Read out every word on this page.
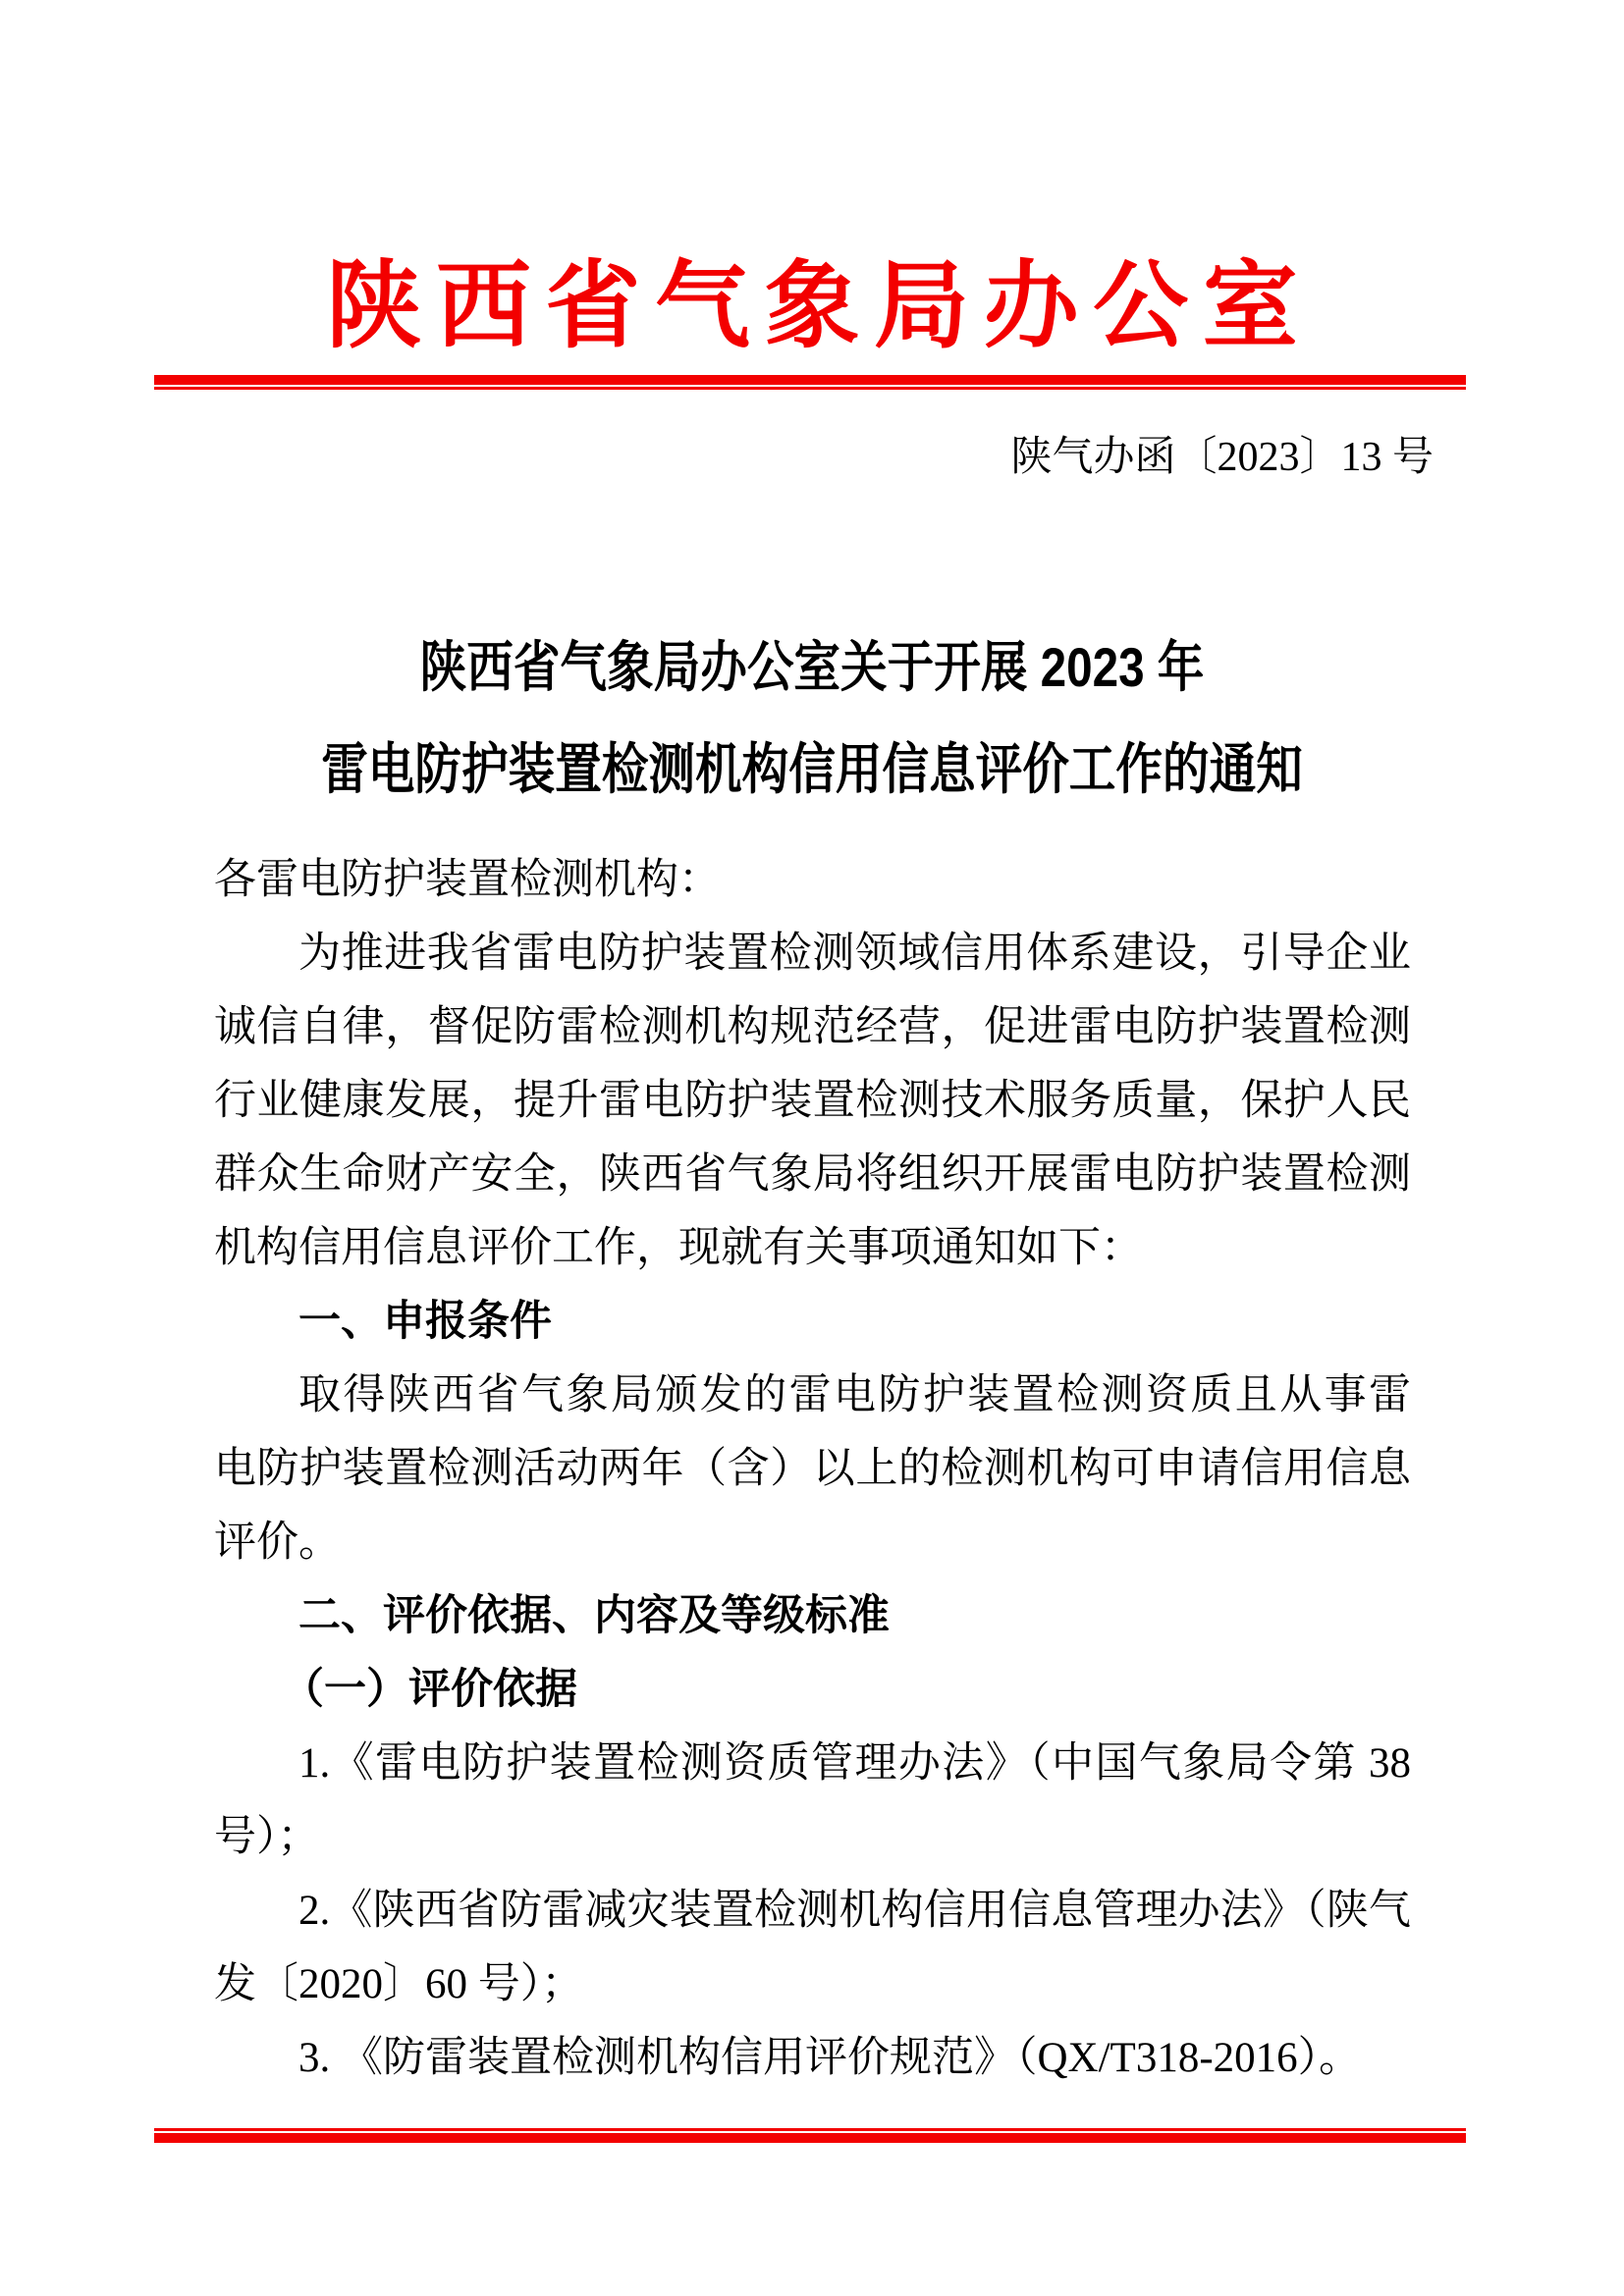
陕西省气象局办公室
陕气办函〔2023〕13 号
陕西省气象局办公室关于开展 2023 年
雷电防护装置检测机构信用信息评价工作的通知
各雷电防护装置检测机构：
为推进我省雷电防护装置检测领域信用体系建设，引导企业
诚信自律，督促防雷检测机构规范经营，促进雷电防护装置检测
行业健康发展，提升雷电防护装置检测技术服务质量，保护人民
群众生命财产安全，陕西省气象局将组织开展雷电防护装置检测
机构信用信息评价工作，现就有关事项通知如下：
一、申报条件
取得陕西省气象局颁发的雷电防护装置检测资质且从事雷
电防护装置检测活动两年（含）以上的检测机构可申请信用信息
评价。
二、评价依据、内容及等级标准
（一）评价依据
1.《雷电防护装置检测资质管理办法》（中国气象局令第 38
号）；
2.《陕西省防雷减灾装置检测机构信用信息管理办法》（陕气
发〔2020〕60 号）；
3. 《防雷装置检测机构信用评价规范》（QX/T318-2016）。
